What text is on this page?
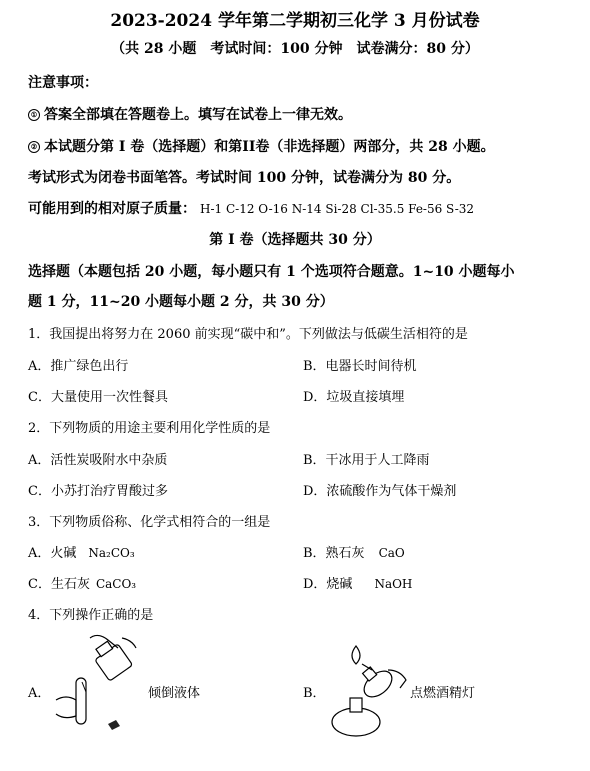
2023-2024 学年第二学期初三化学 3 月份试卷
（共 28 小题　考试时间：100 分钟　试卷满分：80 分）
注意事项：
① 答案全部填在答题卷上。填写在试卷上一律无效。
② 本试题分第 I 卷（选择题）和第II卷（非选择题）两部分，共 28 小题。
考试形式为闭卷书面笔答。考试时间 100 分钟，试卷满分为 80 分。
可能用到的相对原子质量： H-1 C-12 O-16 N-14 Si-28 Cl-35.5 Fe-56 S-32
第 I 卷（选择题共 30 分）
选择题（本题包括 20 小题，每小题只有 1 个选项符合题意。1~10 小题每小
题 1 分，11~20 小题每小题 2 分，共 30 分）
1．我国提出将努力在 2060 前实现“碳中和”。下列做法与低碳生活相符的是
A．推广绿色出行	B．电器长时间待机
C．大量使用一次性餐具	D．垃圾直接填埋
2．下列物质的用途主要利用化学性质的是
A．活性炭吸附水中杂质	B．干冰用于人工降雨
C．小苏打治疗胃酸过多	D．浓硫酸作为气体干燥剂
3．下列物质俗称、化学式相符合的一组是
A．火碱 Na₂CO₃	B．熟石灰 CaO
C．生石灰 CaCO₃	D．烧碱 NaOH
4．下列操作正确的是
A．	倾倒液体	B．	点燃酒精灯
